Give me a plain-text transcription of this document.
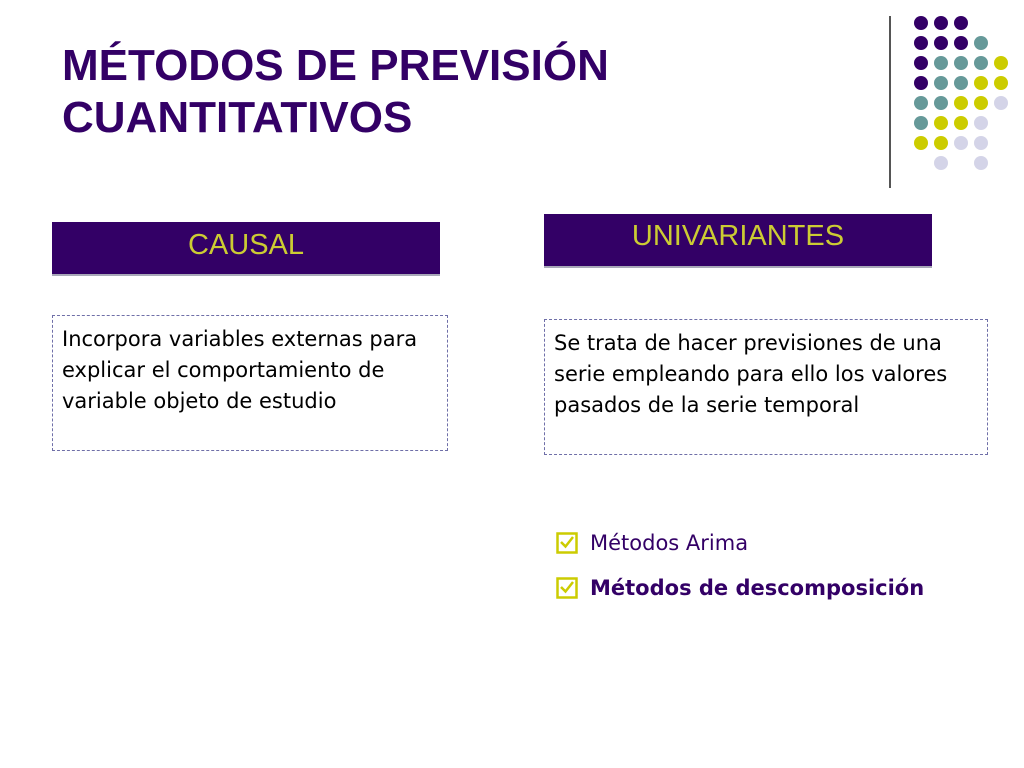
MÉTODOS DE PREVISIÓN
CUANTITATIVOS
CAUSAL	UNIVARIANTES
Incorpora variables externas para explicar el comportamiento de variable objeto de estudio
Se trata de hacer previsiones de una serie empleando para ello los valores pasados de la serie temporal
Métodos Arima
Métodos de descomposición
